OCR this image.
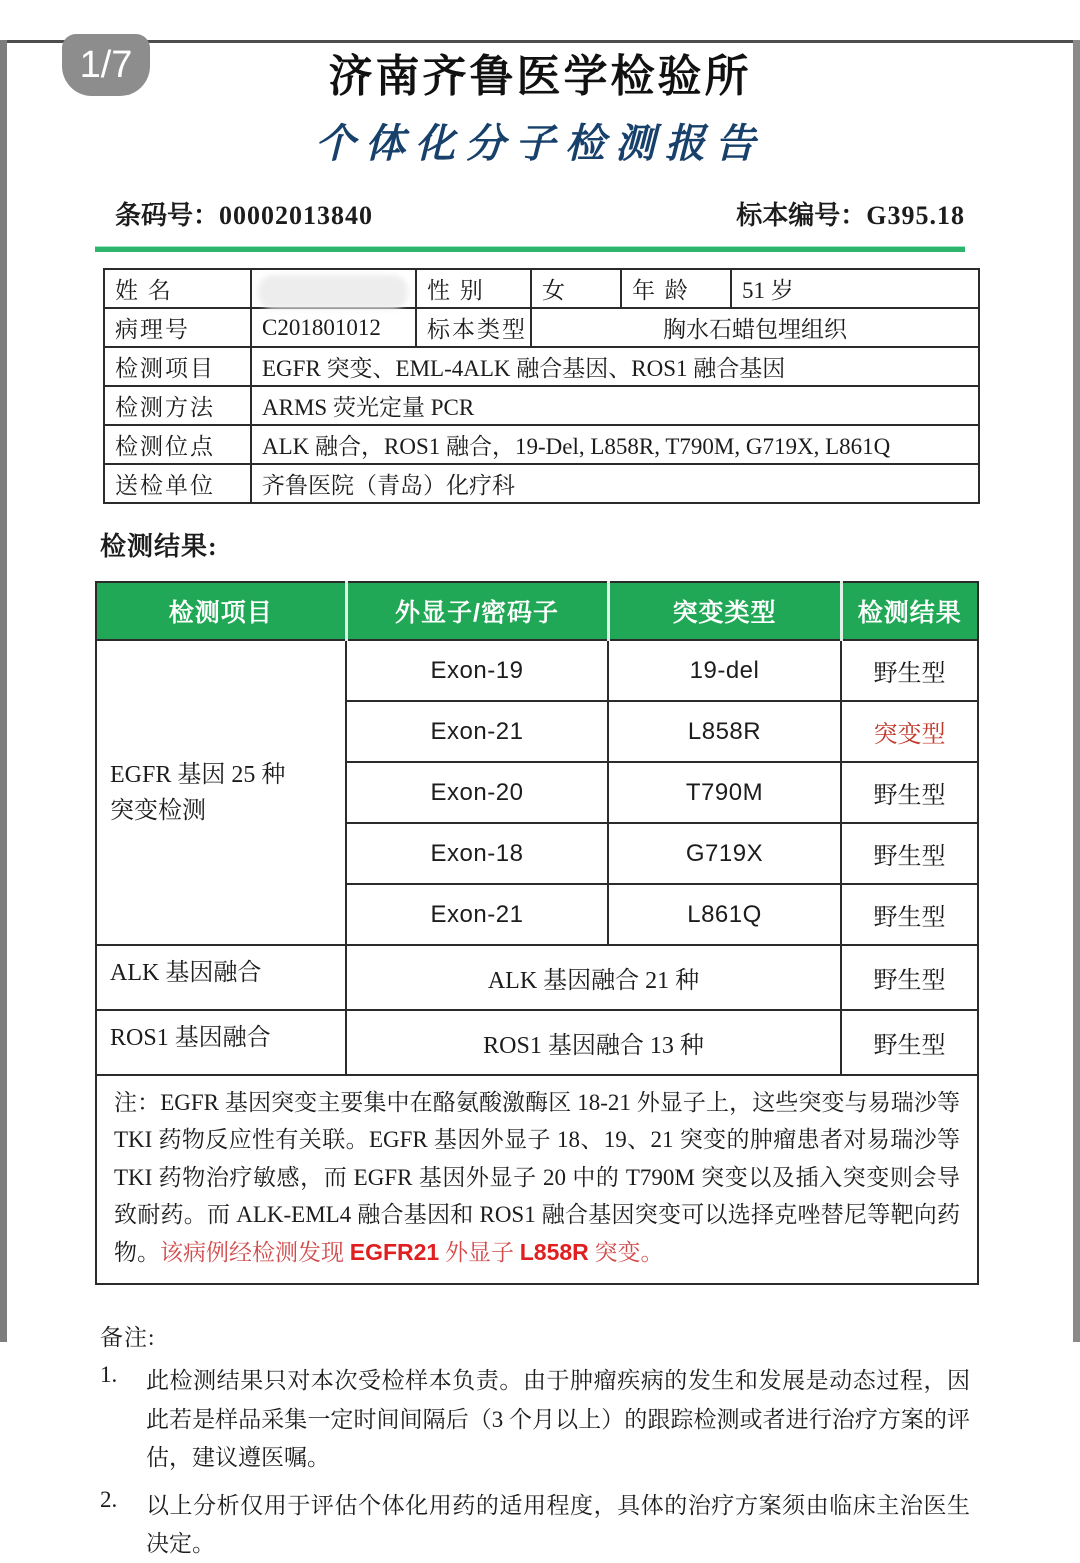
1/7	济南齐鲁医学检验所
个体化分子检测报告
条码号：00002013840	标本编号：G395.18
姓 名		性 别	女	年 龄	51 岁
病理号	C201801012	标本类型	胸水石蜡包埋组织		
检测项目	EGFR 突变、EML-4ALK 融合基因、ROS1 融合基因				
检测方法	ARMS 荧光定量 PCR				
检测位点	ALK 融合，ROS1 融合，19-Del, L858R, T790M, G719X, L861Q				
送检单位	齐鲁医院（青岛）化疗科				
检测结果:
检测项目	外显子/密码子	突变类型	检测结果

EGFR 基因 25 种
突变检测	Exon-19	19-del	野生型
	Exon-21	L858R	突变型
	Exon-20	T790M	野生型
	Exon-18	G719X	野生型
	Exon-21	L861Q	野生型
ALK 基因融合	ALK 基因融合 21 种		野生型
ROS1 基因融合	ROS1 基因融合 13 种		野生型
注：EGFR 基因突变主要集中在酪氨酸激酶区 18-21 外显子上，这些突变与易瑞沙等 TKI 药物反应性有关联。EGFR 基因外显子 18、19、21 突变的肿瘤患者对易瑞沙等 TKI 药物治疗敏感，而 EGFR 基因外显子 20 中的 T790M 突变以及插入突变则会导致耐药。而 ALK-EML4 融合基因和 ROS1 融合基因突变可以选择克唑替尼等靶向药物。该病例经检测发现 EGFR21 外显子 L858R 突变。
备注:
1.	此检测结果只对本次受检样本负责。由于肿瘤疾病的发生和发展是动态过程，因此若是样品采集一定时间间隔后（3 个月以上）的跟踪检测或者进行治疗方案的评估，建议遵医嘱。
2.	以上分析仅用于评估个体化用药的适用程度，具体的治疗方案须由临床主治医生决定。
